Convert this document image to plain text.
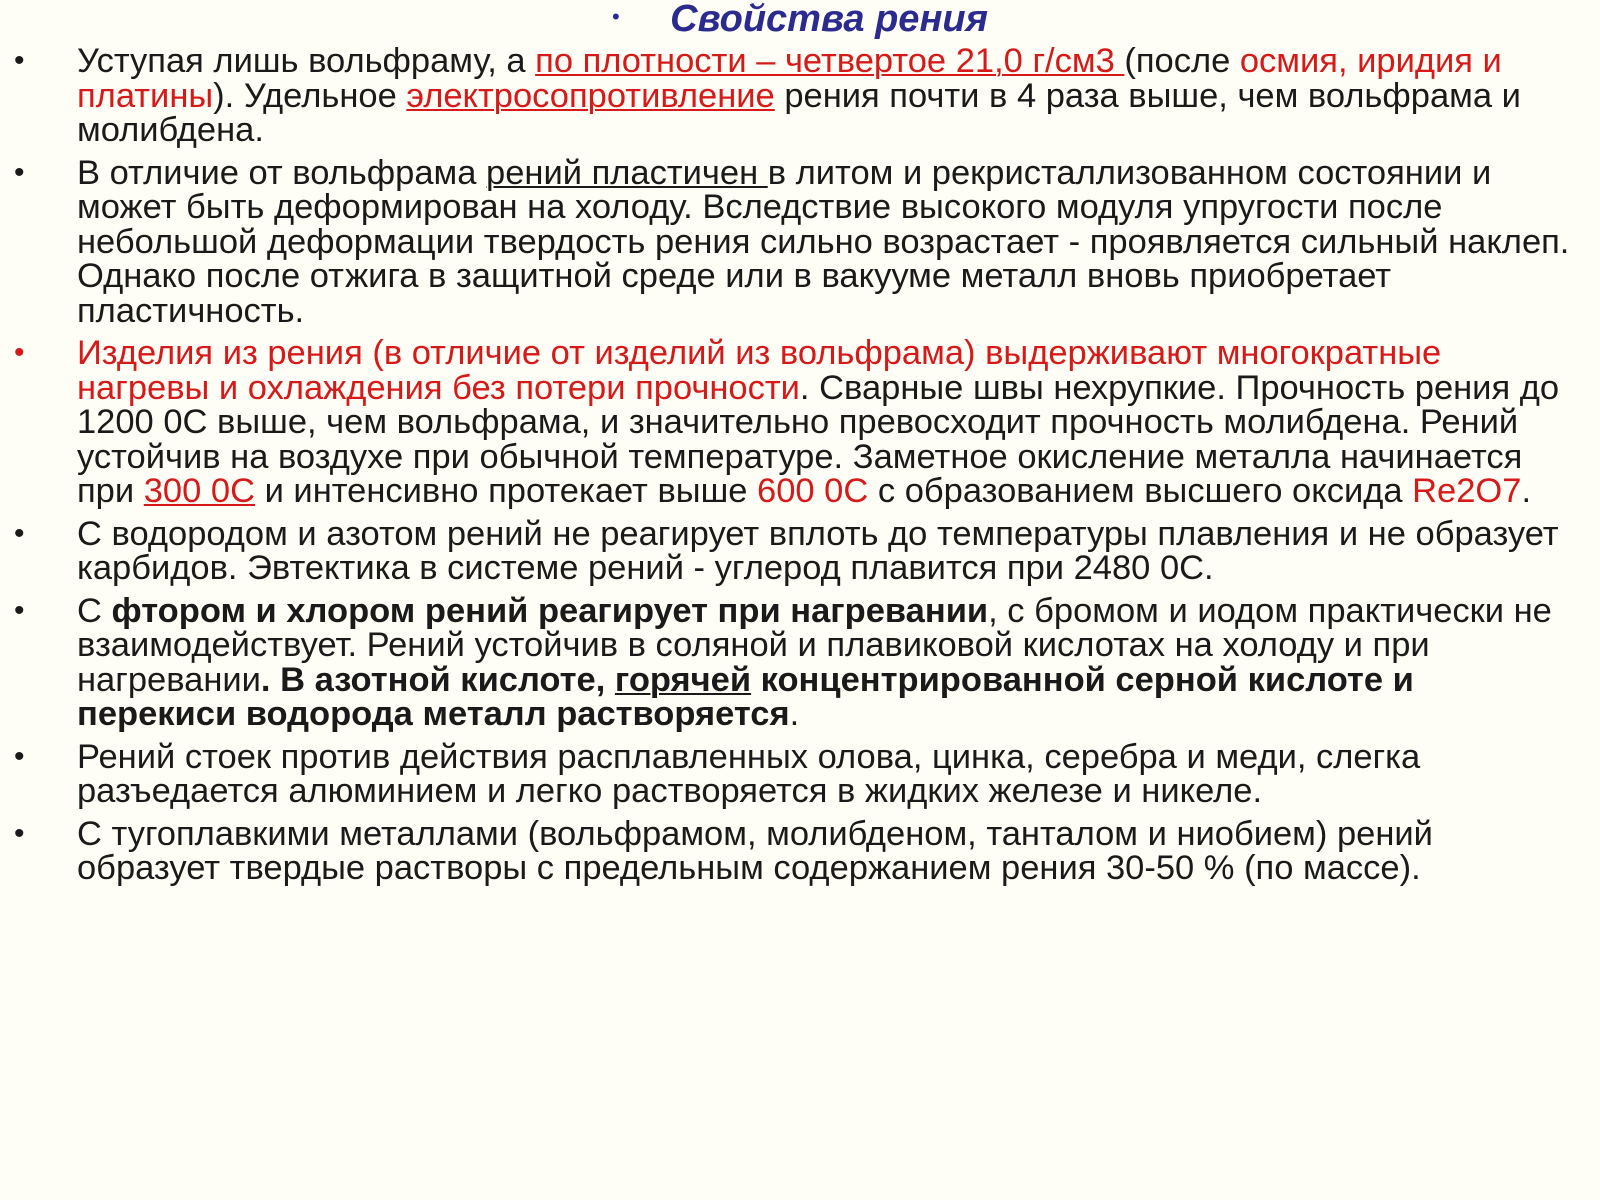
• Свойства рения
• Уступая лишь вольфраму, а по плотности – четвертое 21,0 г/см3 (после осмия, иридия и платины). Удельное электросопротивление рения почти в 4 раза выше, чем вольфрама и молибдена.
• В отличие от вольфрама рений пластичен в литом и рекристаллизованном состоянии и может быть деформирован на холоду. Вследствие высокого модуля упругости после небольшой деформации твердость рения сильно возрастает - проявляется сильный наклеп. Однако после отжига в защитной среде или в вакууме металл вновь приобретает пластичность.
• Изделия из рения (в отличие от изделий из вольфрама) выдерживают многократные нагревы и охлаждения без потери прочности. Сварные швы нехрупкие. Прочность рения до 1200 0С выше, чем вольфрама, и значительно превосходит прочность молибдена. Рений устойчив на воздухе при обычной температуре. Заметное окисление металла начинается при 300 0С и интенсивно протекает выше 600 0С с образованием высшего оксида Re2O7.
• С водородом и азотом рений не реагирует вплоть до температуры плавления и не образует карбидов. Эвтектика в системе рений - углерод плавится при 2480 0С.
• С фтором и хлором рений реагирует при нагревании, с бромом и иодом практически не взаимодействует. Рений устойчив в соляной и плавиковой кислотах на холоду и при нагревании. В азотной кислоте, горячей концентрированной серной кислоте и перекиси водорода металл растворяется.
• Рений стоек против действия расплавленных олова, цинка, серебра и меди, слегка разъедается алюминием и легко растворяется в жидких железе и никеле.
• С тугоплавкими металлами (вольфрамом, молибденом, танталом и ниобием) рений образует твердые растворы с предельным содержанием рения 30-50 % (по массе).
